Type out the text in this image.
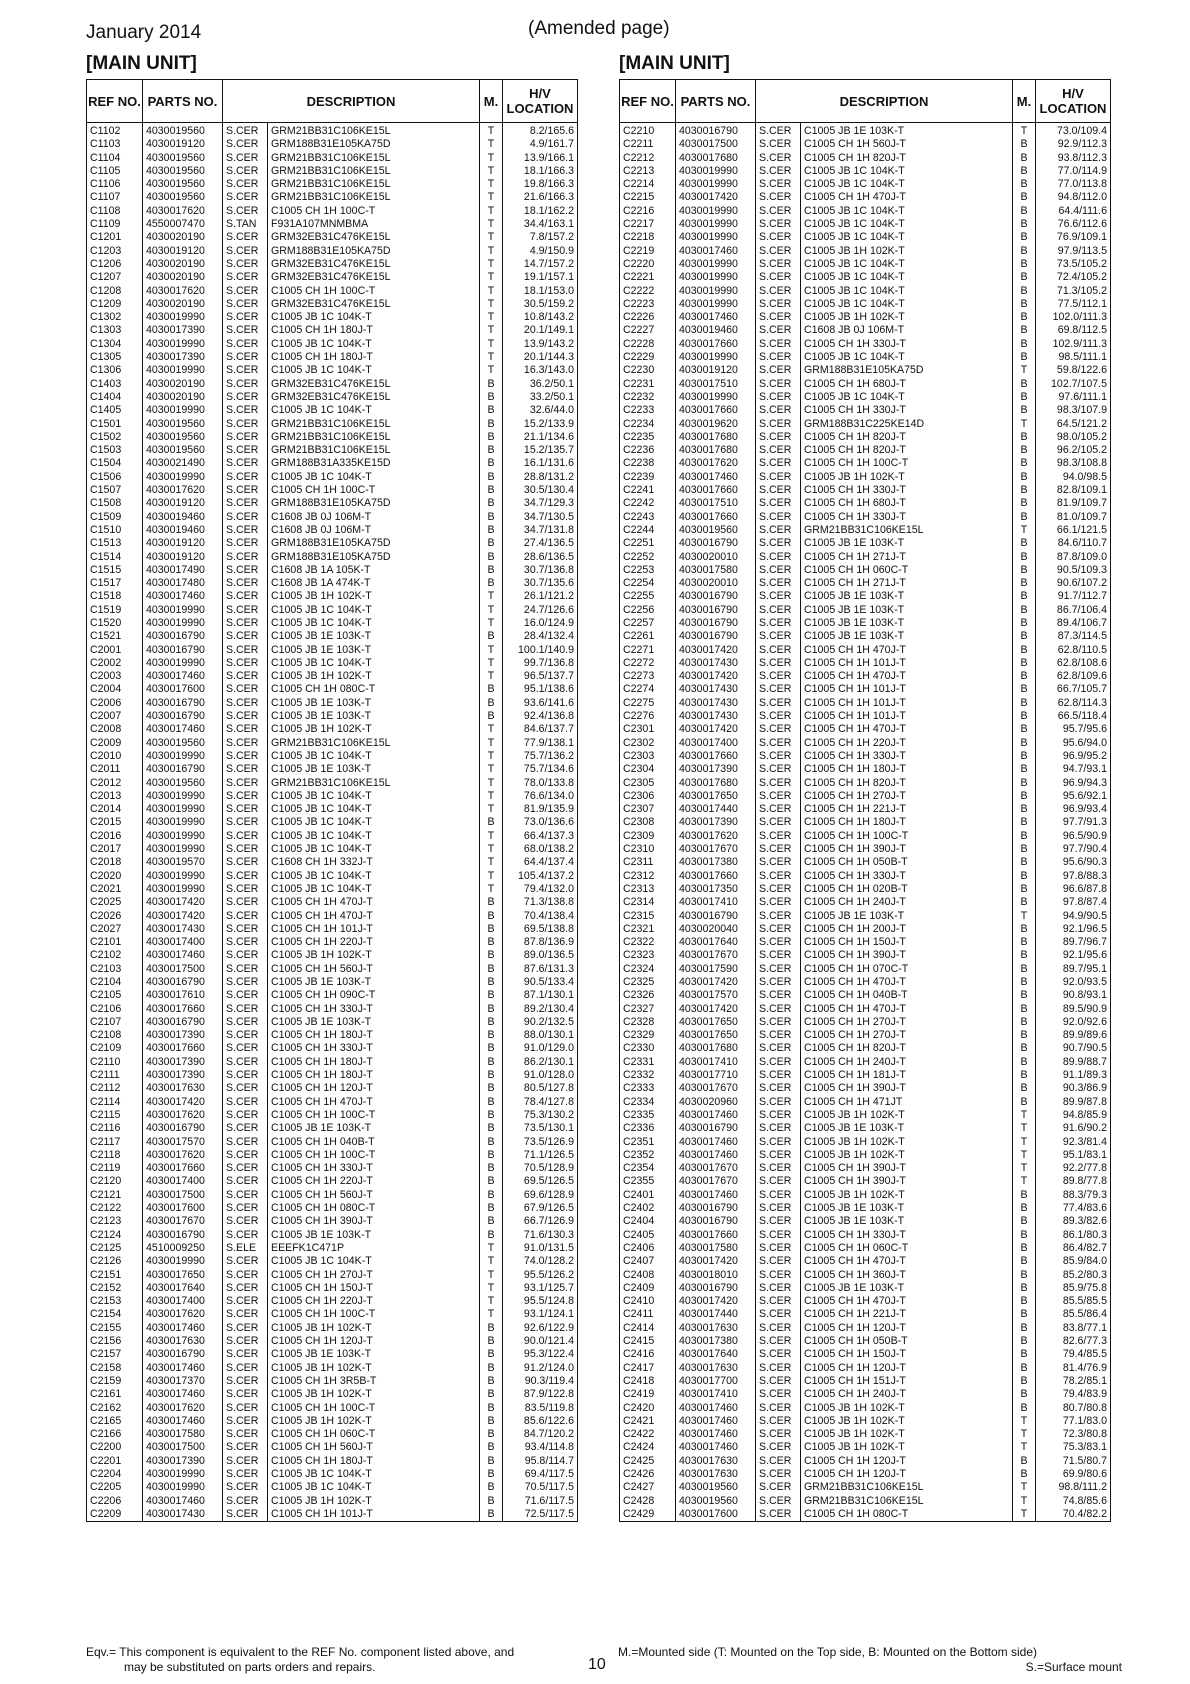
January 2014	(Amended page)
[MAIN UNIT]	[MAIN UNIT]
REF NO.	PARTS NO.	DESCRIPTION		M.	H/V LOCATION
C1102	4030019560	S.CER	GRM21BB31C106KE15L	T	8.2/165.6
C1103	4030019120	S.CER	GRM188B31E105KA75D	T	4.9/161.7
C1104	4030019560	S.CER	GRM21BB31C106KE15L	T	13.9/166.1
C1105	4030019560	S.CER	GRM21BB31C106KE15L	T	18.1/166.3
C1106	4030019560	S.CER	GRM21BB31C106KE15L	T	19.8/166.3
C1107	4030019560	S.CER	GRM21BB31C106KE15L	T	21.6/166.3
C1108	4030017620	S.CER	C1005 CH 1H 100C-T	T	18.1/162.2
C1109	4550007470	S.TAN	F931A107MNMBMA	T	34.4/163.1
C1201	4030020190	S.CER	GRM32EB31C476KE15L	T	7.8/157.2
C1203	4030019120	S.CER	GRM188B31E105KA75D	T	4.9/150.9
C1206	4030020190	S.CER	GRM32EB31C476KE15L	T	14.7/157.2
C1207	4030020190	S.CER	GRM32EB31C476KE15L	T	19.1/157.1
C1208	4030017620	S.CER	C1005 CH 1H 100C-T	T	18.1/153.0
C1209	4030020190	S.CER	GRM32EB31C476KE15L	T	30.5/159.2
C1302	4030019990	S.CER	C1005 JB 1C 104K-T	T	10.8/143.2
C1303	4030017390	S.CER	C1005 CH 1H 180J-T	T	20.1/149.1
C1304	4030019990	S.CER	C1005 JB 1C 104K-T	T	13.9/143.2
C1305	4030017390	S.CER	C1005 CH 1H 180J-T	T	20.1/144.3
C1306	4030019990	S.CER	C1005 JB 1C 104K-T	T	16.3/143.0
C1403	4030020190	S.CER	GRM32EB31C476KE15L	B	36.2/50.1
C1404	4030020190	S.CER	GRM32EB31C476KE15L	B	33.2/50.1
C1405	4030019990	S.CER	C1005 JB 1C 104K-T	B	32.6/44.0
C1501	4030019560	S.CER	GRM21BB31C106KE15L	B	15.2/133.9
C1502	4030019560	S.CER	GRM21BB31C106KE15L	B	21.1/134.6
C1503	4030019560	S.CER	GRM21BB31C106KE15L	B	15.2/135.7
C1504	4030021490	S.CER	GRM188B31A335KE15D	B	16.1/131.6
C1506	4030019990	S.CER	C1005 JB 1C 104K-T	B	28.8/131.2
C1507	4030017620	S.CER	C1005 CH 1H 100C-T	B	30.5/130.4
C1508	4030019120	S.CER	GRM188B31E105KA75D	B	34.7/129.3
C1509	4030019460	S.CER	C1608 JB 0J 106M-T	B	34.7/130.5
C1510	4030019460	S.CER	C1608 JB 0J 106M-T	B	34.7/131.8
C1513	4030019120	S.CER	GRM188B31E105KA75D	B	27.4/136.5
C1514	4030019120	S.CER	GRM188B31E105KA75D	B	28.6/136.5
C1515	4030017490	S.CER	C1608 JB 1A 105K-T	B	30.7/136.8
C1517	4030017480	S.CER	C1608 JB 1A 474K-T	B	30.7/135.6
C1518	4030017460	S.CER	C1005 JB 1H 102K-T	T	26.1/121.2
C1519	4030019990	S.CER	C1005 JB 1C 104K-T	T	24.7/126.6
C1520	4030019990	S.CER	C1005 JB 1C 104K-T	T	16.0/124.9
C1521	4030016790	S.CER	C1005 JB 1E 103K-T	B	28.4/132.4
C2001	4030016790	S.CER	C1005 JB 1E 103K-T	T	100.1/140.9
C2002	4030019990	S.CER	C1005 JB 1C 104K-T	T	99.7/136.8
C2003	4030017460	S.CER	C1005 JB 1H 102K-T	T	96.5/137.7
C2004	4030017600	S.CER	C1005 CH 1H 080C-T	B	95.1/138.6
C2006	4030016790	S.CER	C1005 JB 1E 103K-T	B	93.6/141.6
C2007	4030016790	S.CER	C1005 JB 1E 103K-T	B	92.4/136.8
C2008	4030017460	S.CER	C1005 JB 1H 102K-T	T	84.6/137.7
C2009	4030019560	S.CER	GRM21BB31C106KE15L	T	77.9/138.1
C2010	4030019990	S.CER	C1005 JB 1C 104K-T	T	75.7/136.2
C2011	4030016790	S.CER	C1005 JB 1E 103K-T	T	75.7/134.6
C2012	4030019560	S.CER	GRM21BB31C106KE15L	T	78.0/133.8
C2013	4030019990	S.CER	C1005 JB 1C 104K-T	T	76.6/134.0
C2014	4030019990	S.CER	C1005 JB 1C 104K-T	T	81.9/135.9
C2015	4030019990	S.CER	C1005 JB 1C 104K-T	B	73.0/136.6
C2016	4030019990	S.CER	C1005 JB 1C 104K-T	T	66.4/137.3
C2017	4030019990	S.CER	C1005 JB 1C 104K-T	T	68.0/138.2
C2018	4030019570	S.CER	C1608 CH 1H 332J-T	T	64.4/137.4
C2020	4030019990	S.CER	C1005 JB 1C 104K-T	T	105.4/137.2
C2021	4030019990	S.CER	C1005 JB 1C 104K-T	T	79.4/132.0
C2025	4030017420	S.CER	C1005 CH 1H 470J-T	B	71.3/138.8
C2026	4030017420	S.CER	C1005 CH 1H 470J-T	B	70.4/138.4
C2027	4030017430	S.CER	C1005 CH 1H 101J-T	B	69.5/138.8
C2101	4030017400	S.CER	C1005 CH 1H 220J-T	B	87.8/136.9
C2102	4030017460	S.CER	C1005 JB 1H 102K-T	B	89.0/136.5
C2103	4030017500	S.CER	C1005 CH 1H 560J-T	B	87.6/131.3
C2104	4030016790	S.CER	C1005 JB 1E 103K-T	B	90.5/133.4
C2105	4030017610	S.CER	C1005 CH 1H 090C-T	B	87.1/130.1
C2106	4030017660	S.CER	C1005 CH 1H 330J-T	B	89.2/130.4
C2107	4030016790	S.CER	C1005 JB 1E 103K-T	B	90.2/132.5
C2108	4030017390	S.CER	C1005 CH 1H 180J-T	B	88.0/130.1
C2109	4030017660	S.CER	C1005 CH 1H 330J-T	B	91.0/129.0
C2110	4030017390	S.CER	C1005 CH 1H 180J-T	B	86.2/130.1
C2111	4030017390	S.CER	C1005 CH 1H 180J-T	B	91.0/128.0
C2112	4030017630	S.CER	C1005 CH 1H 120J-T	B	80.5/127.8
C2114	4030017420	S.CER	C1005 CH 1H 470J-T	B	78.4/127.8
C2115	4030017620	S.CER	C1005 CH 1H 100C-T	B	75.3/130.2
C2116	4030016790	S.CER	C1005 JB 1E 103K-T	B	73.5/130.1
C2117	4030017570	S.CER	C1005 CH 1H 040B-T	B	73.5/126.9
C2118	4030017620	S.CER	C1005 CH 1H 100C-T	B	71.1/126.5
C2119	4030017660	S.CER	C1005 CH 1H 330J-T	B	70.5/128.9
C2120	4030017400	S.CER	C1005 CH 1H 220J-T	B	69.5/126.5
C2121	4030017500	S.CER	C1005 CH 1H 560J-T	B	69.6/128.9
C2122	4030017600	S.CER	C1005 CH 1H 080C-T	B	67.9/126.5
C2123	4030017670	S.CER	C1005 CH 1H 390J-T	B	66.7/126.9
C2124	4030016790	S.CER	C1005 JB 1E 103K-T	B	71.6/130.3
C2125	4510009250	S.ELE	EEEFK1C471P	T	91.0/131.5
C2126	4030019990	S.CER	C1005 JB 1C 104K-T	T	74.0/128.2
C2151	4030017650	S.CER	C1005 CH 1H 270J-T	T	95.5/126.2
C2152	4030017640	S.CER	C1005 CH 1H 150J-T	T	93.1/125.7
C2153	4030017400	S.CER	C1005 CH 1H 220J-T	T	95.5/124.8
C2154	4030017620	S.CER	C1005 CH 1H 100C-T	T	93.1/124.1
C2155	4030017460	S.CER	C1005 JB 1H 102K-T	B	92.6/122.9
C2156	4030017630	S.CER	C1005 CH 1H 120J-T	B	90.0/121.4
C2157	4030016790	S.CER	C1005 JB 1E 103K-T	B	95.3/122.4
C2158	4030017460	S.CER	C1005 JB 1H 102K-T	B	91.2/124.0
C2159	4030017370	S.CER	C1005 CH 1H 3R5B-T	B	90.3/119.4
C2161	4030017460	S.CER	C1005 JB 1H 102K-T	B	87.9/122.8
C2162	4030017620	S.CER	C1005 CH 1H 100C-T	B	83.5/119.8
C2165	4030017460	S.CER	C1005 JB 1H 102K-T	B	85.6/122.6
C2166	4030017580	S.CER	C1005 CH 1H 060C-T	B	84.7/120.2
C2200	4030017500	S.CER	C1005 CH 1H 560J-T	B	93.4/114.8
C2201	4030017390	S.CER	C1005 CH 1H 180J-T	B	95.8/114.7
C2204	4030019990	S.CER	C1005 JB 1C 104K-T	B	69.4/117.5
C2205	4030019990	S.CER	C1005 JB 1C 104K-T	B	70.5/117.5
C2206	4030017460	S.CER	C1005 JB 1H 102K-T	B	71.6/117.5
C2209	4030017430	S.CER	C1005 CH 1H 101J-T	B	72.5/117.5
REF NO.	PARTS NO.	DESCRIPTION		M.	H/V LOCATION
C2210	4030016790	S.CER	C1005 JB 1E 103K-T	T	73.0/109.4
C2211	4030017500	S.CER	C1005 CH 1H 560J-T	B	92.9/112.3
C2212	4030017680	S.CER	C1005 CH 1H 820J-T	B	93.8/112.3
C2213	4030019990	S.CER	C1005 JB 1C 104K-T	B	77.0/114.9
C2214	4030019990	S.CER	C1005 JB 1C 104K-T	B	77.0/113.8
C2215	4030017420	S.CER	C1005 CH 1H 470J-T	B	94.8/112.0
C2216	4030019990	S.CER	C1005 JB 1C 104K-T	B	64.4/111.6
C2217	4030019990	S.CER	C1005 JB 1C 104K-T	B	76.6/112.6
C2218	4030019990	S.CER	C1005 JB 1C 104K-T	B	76.9/109.1
C2219	4030017460	S.CER	C1005 JB 1H 102K-T	B	97.9/113.5
C2220	4030019990	S.CER	C1005 JB 1C 104K-T	B	73.5/105.2
C2221	4030019990	S.CER	C1005 JB 1C 104K-T	B	72.4/105.2
C2222	4030019990	S.CER	C1005 JB 1C 104K-T	B	71.3/105.2
C2223	4030019990	S.CER	C1005 JB 1C 104K-T	B	77.5/112.1
C2226	4030017460	S.CER	C1005 JB 1H 102K-T	B	102.0/111.3
C2227	4030019460	S.CER	C1608 JB 0J 106M-T	B	69.8/112.5
C2228	4030017660	S.CER	C1005 CH 1H 330J-T	B	102.9/111.3
C2229	4030019990	S.CER	C1005 JB 1C 104K-T	B	98.5/111.1
C2230	4030019120	S.CER	GRM188B31E105KA75D	T	59.8/122.6
C2231	4030017510	S.CER	C1005 CH 1H 680J-T	B	102.7/107.5
C2232	4030019990	S.CER	C1005 JB 1C 104K-T	B	97.6/111.1
C2233	4030017660	S.CER	C1005 CH 1H 330J-T	B	98.3/107.9
C2234	4030019620	S.CER	GRM188B31C225KE14D	T	64.5/121.2
C2235	4030017680	S.CER	C1005 CH 1H 820J-T	B	98.0/105.2
C2236	4030017680	S.CER	C1005 CH 1H 820J-T	B	96.2/105.2
C2238	4030017620	S.CER	C1005 CH 1H 100C-T	B	98.3/108.8
C2239	4030017460	S.CER	C1005 JB 1H 102K-T	B	94.0/98.5
C2241	4030017660	S.CER	C1005 CH 1H 330J-T	B	82.8/109.1
C2242	4030017510	S.CER	C1005 CH 1H 680J-T	B	81.9/109.7
C2243	4030017660	S.CER	C1005 CH 1H 330J-T	B	81.0/109.7
C2244	4030019560	S.CER	GRM21BB31C106KE15L	T	66.1/121.5
C2251	4030016790	S.CER	C1005 JB 1E 103K-T	B	84.6/110.7
C2252	4030020010	S.CER	C1005 CH 1H 271J-T	B	87.8/109.0
C2253	4030017580	S.CER	C1005 CH 1H 060C-T	B	90.5/109.3
C2254	4030020010	S.CER	C1005 CH 1H 271J-T	B	90.6/107.2
C2255	4030016790	S.CER	C1005 JB 1E 103K-T	B	91.7/112.7
C2256	4030016790	S.CER	C1005 JB 1E 103K-T	B	86.7/106.4
C2257	4030016790	S.CER	C1005 JB 1E 103K-T	B	89.4/106.7
C2261	4030016790	S.CER	C1005 JB 1E 103K-T	B	87.3/114.5
C2271	4030017420	S.CER	C1005 CH 1H 470J-T	B	62.8/110.5
C2272	4030017430	S.CER	C1005 CH 1H 101J-T	B	62.8/108.6
C2273	4030017420	S.CER	C1005 CH 1H 470J-T	B	62.8/109.6
C2274	4030017430	S.CER	C1005 CH 1H 101J-T	B	66.7/105.7
C2275	4030017430	S.CER	C1005 CH 1H 101J-T	B	62.8/114.3
C2276	4030017430	S.CER	C1005 CH 1H 101J-T	B	66.5/118.4
C2301	4030017420	S.CER	C1005 CH 1H 470J-T	B	95.7/95.6
C2302	4030017400	S.CER	C1005 CH 1H 220J-T	B	95.6/94.0
C2303	4030017660	S.CER	C1005 CH 1H 330J-T	B	96.9/95.2
C2304	4030017390	S.CER	C1005 CH 1H 180J-T	B	94.7/93.1
C2305	4030017680	S.CER	C1005 CH 1H 820J-T	B	96.9/94.3
C2306	4030017650	S.CER	C1005 CH 1H 270J-T	B	95.6/92.1
C2307	4030017440	S.CER	C1005 CH 1H 221J-T	B	96.9/93.4
C2308	4030017390	S.CER	C1005 CH 1H 180J-T	B	97.7/91.3
C2309	4030017620	S.CER	C1005 CH 1H 100C-T	B	96.5/90.9
C2310	4030017670	S.CER	C1005 CH 1H 390J-T	B	97.7/90.4
C2311	4030017380	S.CER	C1005 CH 1H 050B-T	B	95.6/90.3
C2312	4030017660	S.CER	C1005 CH 1H 330J-T	B	97.8/88.3
C2313	4030017350	S.CER	C1005 CH 1H 020B-T	B	96.6/87.8
C2314	4030017410	S.CER	C1005 CH 1H 240J-T	B	97.8/87.4
C2315	4030016790	S.CER	C1005 JB 1E 103K-T	T	94.9/90.5
C2321	4030020040	S.CER	C1005 CH 1H 200J-T	B	92.1/96.5
C2322	4030017640	S.CER	C1005 CH 1H 150J-T	B	89.7/96.7
C2323	4030017670	S.CER	C1005 CH 1H 390J-T	B	92.1/95.6
C2324	4030017590	S.CER	C1005 CH 1H 070C-T	B	89.7/95.1
C2325	4030017420	S.CER	C1005 CH 1H 470J-T	B	92.0/93.5
C2326	4030017570	S.CER	C1005 CH 1H 040B-T	B	90.8/93.1
C2327	4030017420	S.CER	C1005 CH 1H 470J-T	B	89.5/90.9
C2328	4030017650	S.CER	C1005 CH 1H 270J-T	B	92.0/92.6
C2329	4030017650	S.CER	C1005 CH 1H 270J-T	B	89.9/89.6
C2330	4030017680	S.CER	C1005 CH 1H 820J-T	B	90.7/90.5
C2331	4030017410	S.CER	C1005 CH 1H 240J-T	B	89.9/88.7
C2332	4030017710	S.CER	C1005 CH 1H 181J-T	B	91.1/89.3
C2333	4030017670	S.CER	C1005 CH 1H 390J-T	B	90.3/86.9
C2334	4030020960	S.CER	C1005 CH 1H 471JT	B	89.9/87.8
C2335	4030017460	S.CER	C1005 JB 1H 102K-T	T	94.8/85.9
C2336	4030016790	S.CER	C1005 JB 1E 103K-T	T	91.6/90.2
C2351	4030017460	S.CER	C1005 JB 1H 102K-T	T	92.3/81.4
C2352	4030017460	S.CER	C1005 JB 1H 102K-T	T	95.1/83.1
C2354	4030017670	S.CER	C1005 CH 1H 390J-T	T	92.2/77.8
C2355	4030017670	S.CER	C1005 CH 1H 390J-T	T	89.8/77.8
C2401	4030017460	S.CER	C1005 JB 1H 102K-T	B	88.3/79.3
C2402	4030016790	S.CER	C1005 JB 1E 103K-T	B	77.4/83.6
C2404	4030016790	S.CER	C1005 JB 1E 103K-T	B	89.3/82.6
C2405	4030017660	S.CER	C1005 CH 1H 330J-T	B	86.1/80.3
C2406	4030017580	S.CER	C1005 CH 1H 060C-T	B	86.4/82.7
C2407	4030017420	S.CER	C1005 CH 1H 470J-T	B	85.9/84.0
C2408	4030018010	S.CER	C1005 CH 1H 360J-T	B	85.2/80.3
C2409	4030016790	S.CER	C1005 JB 1E 103K-T	B	85.9/75.8
C2410	4030017420	S.CER	C1005 CH 1H 470J-T	B	85.5/85.5
C2411	4030017440	S.CER	C1005 CH 1H 221J-T	B	85.5/86.4
C2414	4030017630	S.CER	C1005 CH 1H 120J-T	B	83.8/77.1
C2415	4030017380	S.CER	C1005 CH 1H 050B-T	B	82.6/77.3
C2416	4030017640	S.CER	C1005 CH 1H 150J-T	B	79.4/85.5
C2417	4030017630	S.CER	C1005 CH 1H 120J-T	B	81.4/76.9
C2418	4030017700	S.CER	C1005 CH 1H 151J-T	B	78.2/85.1
C2419	4030017410	S.CER	C1005 CH 1H 240J-T	B	79.4/83.9
C2420	4030017460	S.CER	C1005 JB 1H 102K-T	B	80.7/80.8
C2421	4030017460	S.CER	C1005 JB 1H 102K-T	T	77.1/83.0
C2422	4030017460	S.CER	C1005 JB 1H 102K-T	T	72.3/80.8
C2424	4030017460	S.CER	C1005 JB 1H 102K-T	T	75.3/83.1
C2425	4030017630	S.CER	C1005 CH 1H 120J-T	B	71.5/80.7
C2426	4030017630	S.CER	C1005 CH 1H 120J-T	B	69.9/80.6
C2427	4030019560	S.CER	GRM21BB31C106KE15L	T	98.8/111.2
C2428	4030019560	S.CER	GRM21BB31C106KE15L	T	74.8/85.6
C2429	4030017600	S.CER	C1005 CH 1H 080C-T	T	70.4/82.2
Eqv.= This component is equivalent to the REF No. component listed above, and
may be substituted on parts orders and repairs.	10
M.=Mounted side (T: Mounted on the Top side, B: Mounted on the Bottom side)
S.=Surface mount
